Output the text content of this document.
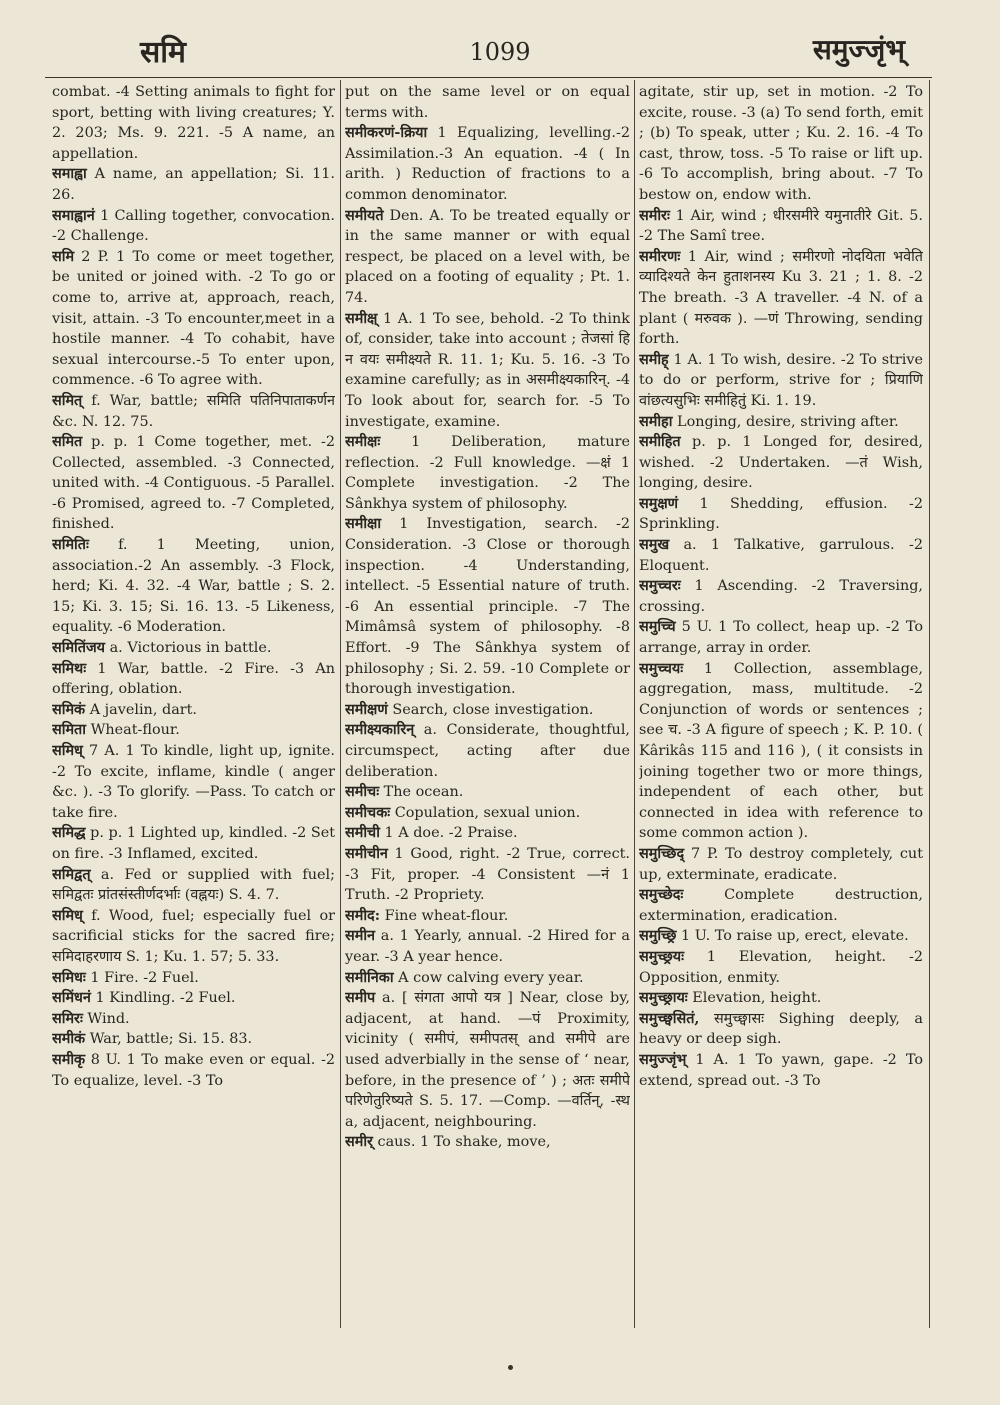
समि	1099	समुज्जृंभ्

combat. -4 Setting animals to fight for sport, betting with living creatures; Y. 2. 203; Ms. 9. 221. -5 A name, an appellation.

समाह्वा A name, an appellation; Si. 11. 26.

समाह्वानं 1 Calling together, convocation. -2 Challenge.

समि 2 P. 1 To come or meet together, be united or joined with. -2 To go or come to, arrive at, approach, reach, visit, attain. -3 To encounter,meet in a hostile manner. -4 To cohabit, have sexual intercourse.-5 To enter upon, commence. -6 To agree with.

समित् f. War, battle; समिति पतिनिपाताकर्णन &c. N. 12. 75.

समित p. p. 1 Come together, met. -2 Collected, assembled. -3 Connected, united with. -4 Contiguous. -5 Parallel. -6 Promised, agreed to. -7 Completed, finished.

समितिः f. 1 Meeting, union, association.-2 An assembly. -3 Flock, herd; Ki. 4. 32. -4 War, battle ; S. 2. 15; Ki. 3. 15; Si. 16. 13. -5 Likeness, equality. -6 Moderation.

समितिंजय a. Victorious in battle.

समिथः 1 War, battle. -2 Fire. -3 An offering, oblation.

समिकं A javelin, dart.

समिता Wheat-flour.

समिध् 7 A. 1 To kindle, light up, ignite. -2 To excite, inflame, kindle ( anger &c. ). -3 To glorify. —Pass. To catch or take fire.

समिद्ध p. p. 1 Lighted up, kindled. -2 Set on fire. -3 Inflamed, excited.

समिद्वत् a. Fed or supplied with fuel; समिद्वतः प्रांतसंस्तीर्णदर्भाः (वह्नयः) S. 4. 7.

समिध् f. Wood, fuel; especially fuel or sacrificial sticks for the sacred fire; समिदाहरणाय S. 1; Ku. 1. 57; 5. 33.

समिधः 1 Fire. -2 Fuel.

समिंधनं 1 Kindling. -2 Fuel.

समिरः Wind.

समीकं War, battle; Si. 15. 83.

समीकृ 8 U. 1 To make even or equal. -2 To equalize, level. -3 To

put on the same level or on equal terms with.

समीकरणं-क्रिया 1 Equalizing, levelling.-2 Assimilation.-3 An equation. -4 ( In arith. ) Reduction of fractions to a common denominator.

समीयते Den. A. To be treated equally or in the same manner or with equal respect, be placed on a level with, be placed on a footing of equality ; Pt. 1. 74.

समीक्ष् 1 A. 1 To see, behold. -2 To think of, consider, take into account ; तेजसां हि न वयः समीक्ष्यते R. 11. 1; Ku. 5. 16. -3 To examine carefully; as in असमीक्ष्यकारिन्. -4 To look about for, search for. -5 To investigate, examine.

समीक्षः 1 Deliberation, mature reflection. -2 Full knowledge. —क्षं 1 Complete investigation. -2 The Sânkhya system of philosophy.

समीक्षा 1 Investigation, search. -2 Consideration. -3 Close or thorough inspection. -4 Understanding, intellect. -5 Essential nature of truth. -6 An essential principle. -7 The Mimâmsâ system of philosophy. -8 Effort. -9 The Sânkhya system of philosophy ; Si. 2. 59. -10 Complete or thorough investigation.

समीक्षणं Search, close investigation.

समीक्ष्यकारिन् a. Considerate, thoughtful, circumspect, acting after due deliberation.

समीचः The ocean.

समीचकः Copulation, sexual union.

समीची 1 A doe. -2 Praise.

समीचीन 1 Good, right. -2 True, correct. -3 Fit, proper. -4 Consistent —नं 1 Truth. -2 Propriety.

समीद: Fine wheat-flour.

समीन a. 1 Yearly, annual. -2 Hired for a year. -3 A year hence.

समीनिका A cow calving every year.

समीप a. [ संगता आपो यत्र ] Near, close by, adjacent, at hand. —पं Proximity, vicinity ( समीपं, समीपतस् and समीपे are used adverbially in the sense of ‘ near, before, in the presence of ’ ) ; अतः समीपे परिणेतुरिष्यते S. 5. 17. —Comp. —वर्तिन्, -स्थ a, adjacent, neighbouring.

समीर् caus. 1 To shake, move,

agitate, stir up, set in motion. -2 To excite, rouse. -3 (a) To send forth, emit ; (b) To speak, utter ; Ku. 2. 16. -4 To cast, throw, toss. -5 To raise or lift up. -6 To accomplish, bring about. -7 To bestow on, endow with.

समीरः 1 Air, wind ; धीरसमीरे यमुनातीरे Git. 5. -2 The Samî tree.

समीरणः 1 Air, wind ; समीरणो नोदयिता भवेति व्यादिश्यते केन हुताशनस्य Ku 3. 21 ; 1. 8. -2 The breath. -3 A traveller. -4 N. of a plant ( मरुवक ). —णं Throwing, sending forth.

समीह् 1 A. 1 To wish, desire. -2 To strive to do or perform, strive for ; प्रियाणि वांछत्यसुभिः समीहितुं Ki. 1. 19.

समीहा Longing, desire, striving after.

समीहित p. p. 1 Longed for, desired, wished. -2 Undertaken. —तं Wish, longing, desire.

समुक्षणं 1 Shedding, effusion. -2 Sprinkling.

समुख a. 1 Talkative, garrulous. -2 Eloquent.

समुच्चरः 1 Ascending. -2 Traversing, crossing.

समुच्चि 5 U. 1 To collect, heap up. -2 To arrange, array in order.

समुच्चयः 1 Collection, assemblage, aggregation, mass, multitude. -2 Conjunction of words or sentences ; see च. -3 A figure of speech ; K. P. 10. ( Kârikâs 115 and 116 ), ( it consists in joining together two or more things, independent of each other, but connected in idea with reference to some common action ).

समुच्छिद् 7 P. To destroy completely, cut up, exterminate, eradicate.

समुच्छेदः Complete destruction, extermination, eradication.

समुच्छ्रि 1 U. To raise up, erect, elevate.

समुच्छ्रयः 1 Elevation, height. -2 Opposition, enmity.

समुच्छ्रायः Elevation, height.

समुच्छ्वसितं, समुच्छ्वासः Sighing deeply, a heavy or deep sigh.

समुज्जृंभ् 1 A. 1 To yawn, gape. -2 To extend, spread out. -3 To
